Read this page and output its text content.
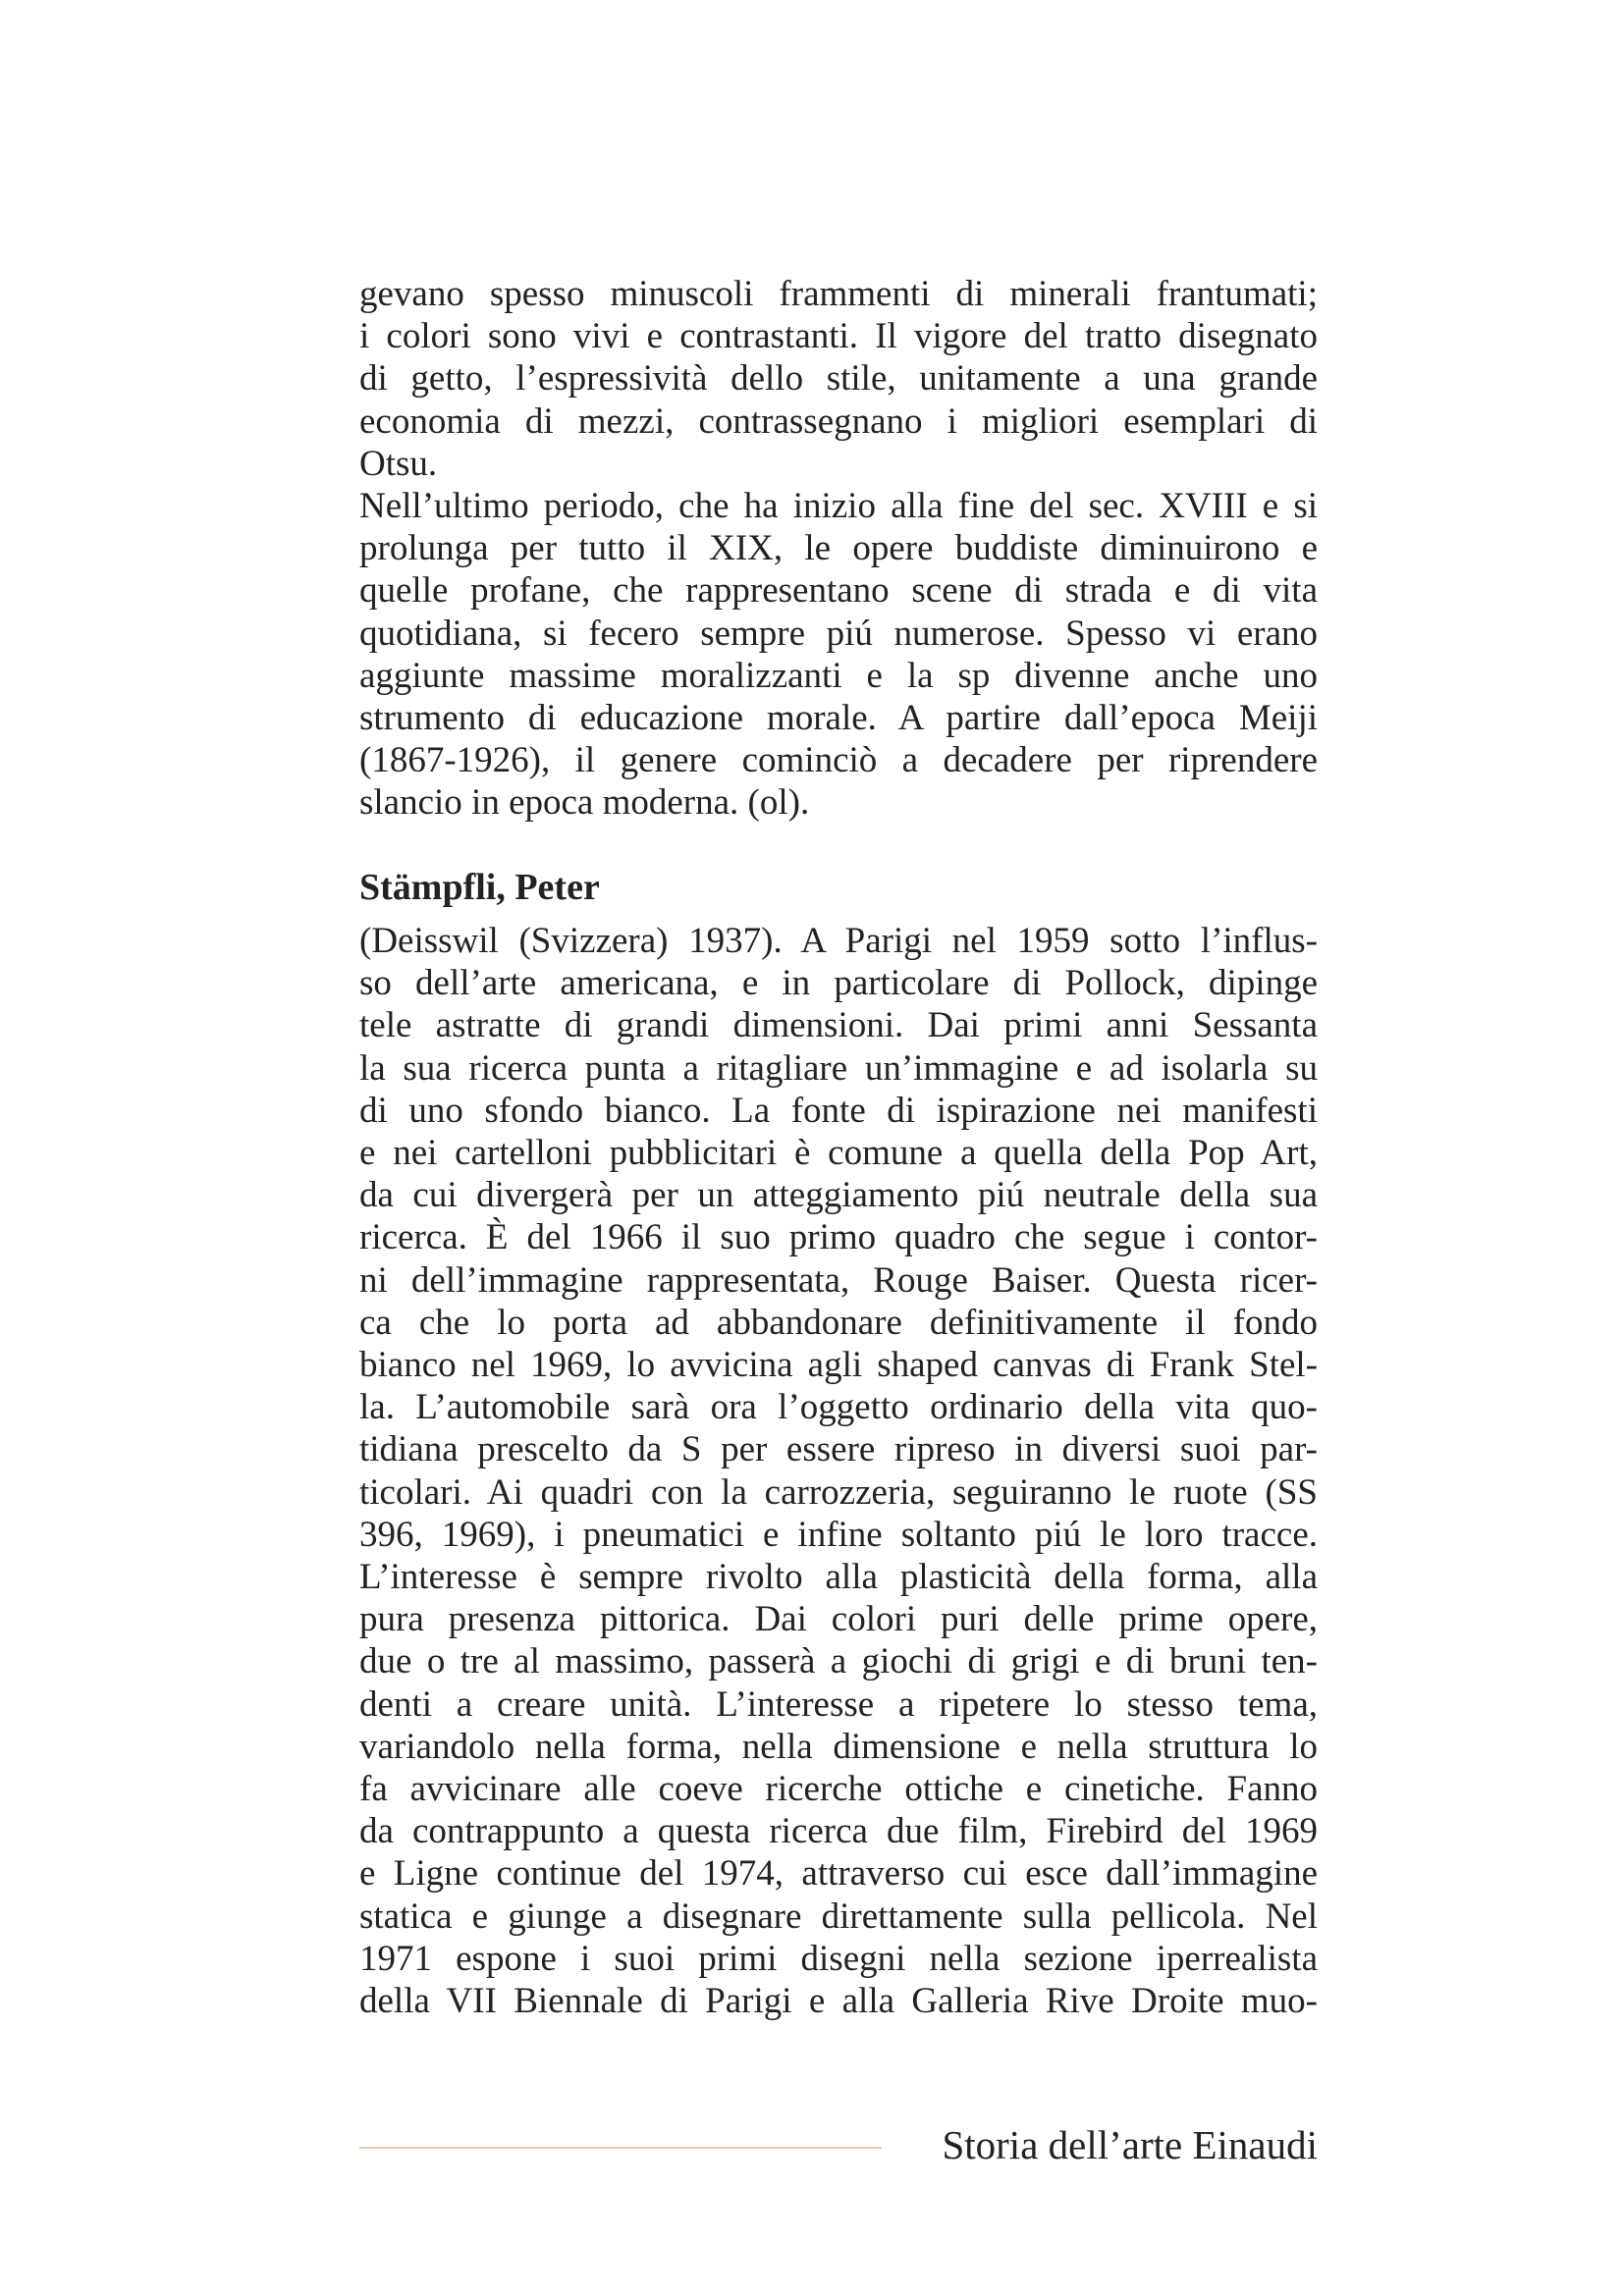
gevano spesso minuscoli frammenti di minerali frantumati;
i colori sono vivi e contrastanti. Il vigore del tratto disegnato
di getto, l’espressività dello stile, unitamente a una grande
economia di mezzi, contrassegnano i migliori esemplari di
Otsu.
Nell’ultimo periodo, che ha inizio alla fine del sec. XVIII e si
prolunga per tutto il XIX, le opere buddiste diminuirono e
quelle profane, che rappresentano scene di strada e di vita
quotidiana, si fecero sempre piú numerose. Spesso vi erano
aggiunte massime moralizzanti e la sp divenne anche uno
strumento di educazione morale. A partire dall’epoca Meiji
(1867-1926), il genere cominciò a decadere per riprendere
slancio in epoca moderna. (ol).
Stämpfli, Peter
(Deisswil (Svizzera) 1937). A Parigi nel 1959 sotto l’influs-
so dell’arte americana, e in particolare di Pollock, dipinge
tele astratte di grandi dimensioni. Dai primi anni Sessanta
la sua ricerca punta a ritagliare un’immagine e ad isolarla su
di uno sfondo bianco. La fonte di ispirazione nei manifesti
e nei cartelloni pubblicitari è comune a quella della Pop Art,
da cui divergerà per un atteggiamento piú neutrale della sua
ricerca. È del 1966 il suo primo quadro che segue i contor-
ni dell’immagine rappresentata, Rouge Baiser. Questa ricer-
ca che lo porta ad abbandonare definitivamente il fondo
bianco nel 1969, lo avvicina agli shaped canvas di Frank Stel-
la. L’automobile sarà ora l’oggetto ordinario della vita quo-
tidiana prescelto da S per essere ripreso in diversi suoi par-
ticolari. Ai quadri con la carrozzeria, seguiranno le ruote (SS
396, 1969), i pneumatici e infine soltanto piú le loro tracce.
L’interesse è sempre rivolto alla plasticità della forma, alla
pura presenza pittorica. Dai colori puri delle prime opere,
due o tre al massimo, passerà a giochi di grigi e di bruni ten-
denti a creare unità. L’interesse a ripetere lo stesso tema,
variandolo nella forma, nella dimensione e nella struttura lo
fa avvicinare alle coeve ricerche ottiche e cinetiche. Fanno
da contrappunto a questa ricerca due film, Firebird del 1969
e Ligne continue del 1974, attraverso cui esce dall’immagine
statica e giunge a disegnare direttamente sulla pellicola. Nel
1971 espone i suoi primi disegni nella sezione iperrealista
della VII Biennale di Parigi e alla Galleria Rive Droite muo-
Storia dell’arte Einaudi
